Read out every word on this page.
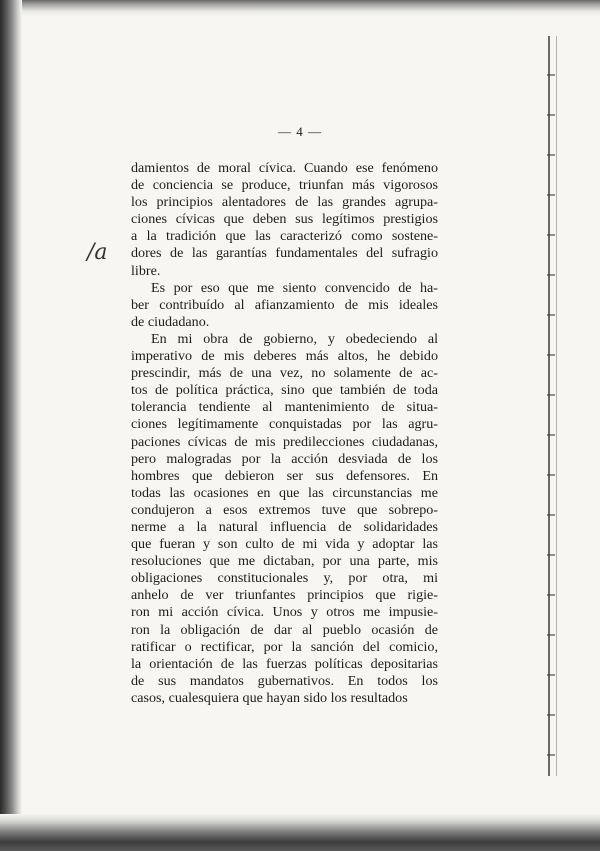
— 4 —
/a

damientos de moral cívica. Cuando ese fenómeno
de conciencia se produce, triunfan más vigorosos
los principios alentadores de las grandes agrupa-
ciones cívicas que deben sus legítimos prestigios
a la tradición que las caracterizó como sostene-
dores de las garantías fundamentales del sufragio
libre.

Es por eso que me siento convencido de ha-
ber contribuído al afianzamiento de mis ideales
de ciudadano.

En mi obra de gobierno, y obedeciendo al
imperativo de mis deberes más altos, he debido
prescindir, más de una vez, no solamente de ac-
tos de política práctica, sino que también de toda
tolerancia tendiente al mantenimiento de situa-
ciones legítimamente conquistadas por las agru-
paciones cívicas de mis predilecciones ciudadanas,
pero malogradas por la acción desviada de los
hombres que debieron ser sus defensores. En
todas las ocasiones en que las circunstancias me
condujeron a esos extremos tuve que sobrepo-
nerme a la natural influencia de solidaridades
que fueran y son culto de mi vida y adoptar las
resoluciones que me dictaban, por una parte, mis
obligaciones constitucionales y, por otra, mi
anhelo de ver triunfantes principios que rigie-
ron mi acción cívica. Unos y otros me impusie-
ron la obligación de dar al pueblo ocasión de
ratificar o rectificar, por la sanción del comicio,
la orientación de las fuerzas políticas depositarias
de sus mandatos gubernativos. En todos los
casos, cualesquiera que hayan sido los resultados
